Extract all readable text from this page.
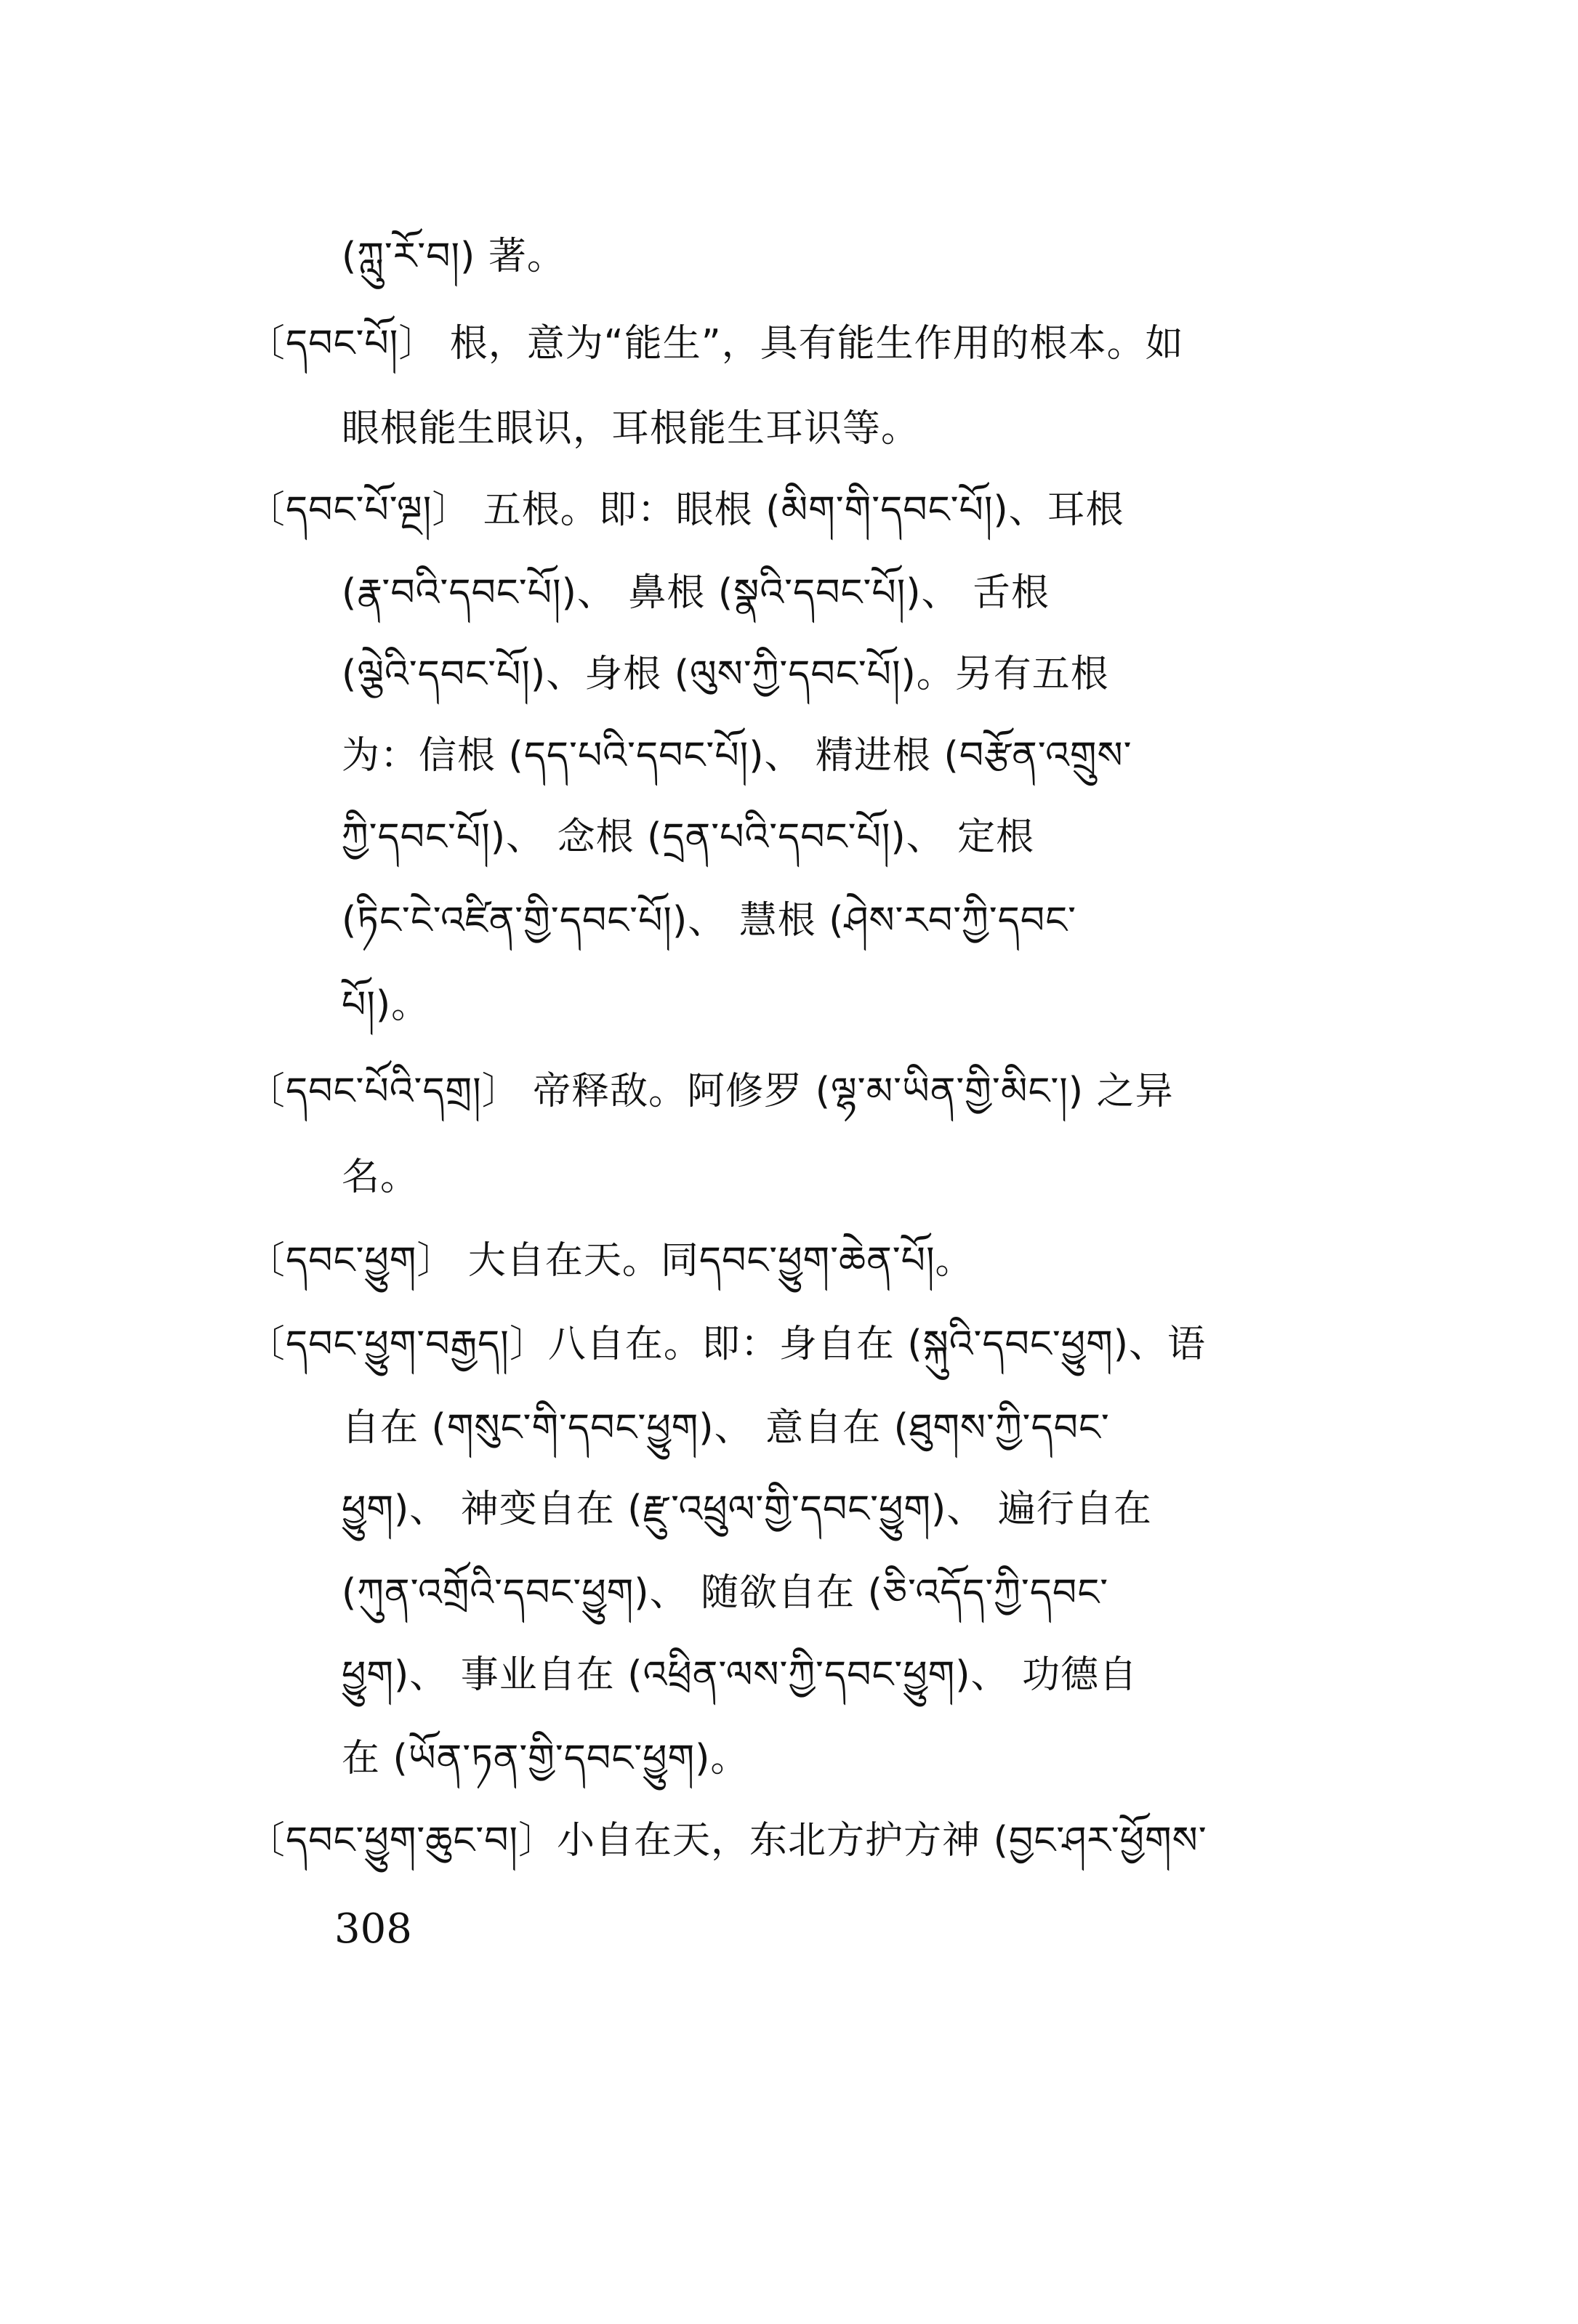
(ཀླུ་རོ་བ།) 著。
〔དབང་པོ།〕 根，意为“能生”，具有能生作用的根本。如
眼根能生眼识，耳根能生耳识等。
〔དབང་པོ་ལྔ།〕 五根。即：眼根 (མིག་གི་དབང་པོ།)、耳根
(རྣ་བའི་དབང་པོ།)、 鼻根 (སྣའི་དབང་པོ།)、 舌根
(ལྕེའི་དབང་པོ།)、身根 (ལུས་ཀྱི་དབང་པོ།)。另有五根
为：信根 (དད་པའི་དབང་པོ།)、 精进根 (བརྩོན་འགྲུས་
ཀྱི་དབང་པོ།)、 念根 (དྲན་པའི་དབང་པོ།)、 定根
(ཏིང་ངེ་འཛིན་གྱི་དབང་པོ།)、 慧根 (ཤེས་རབ་ཀྱི་དབང་
པོ།)。
〔དབང་པོའི་དགྲ།〕 帝释敌。阿修罗 (ལྷ་མ་ཡིན་གྱི་མིང་།) 之异
名。
〔དབང་ཕྱུག〕 大自在天。同དབང་ཕྱུག་ཆེན་པོ།。
〔དབང་ཕྱུག་བརྒྱད།〕八自在。即：身自在 (སྐུའི་དབང་ཕྱུག)、语
自在 (གསུང་གི་དབང་ཕྱུག)、 意自在 (ཐུགས་ཀྱི་དབང་
ཕྱུག)、 神变自在 (རྫུ་འཕྲུལ་གྱི་དབང་ཕྱུག)、 遍行自在
(ཀུན་འགྲོའི་དབང་ཕྱུག)、 随欲自在 (ཅི་འདོད་ཀྱི་དབང་
ཕྱུག)、 事业自在 (འཕྲིན་ལས་ཀྱི་དབང་ཕྱུག)、 功德自
在 (ཡོན་ཏན་གྱི་དབང་ཕྱུག)。
〔དབང་ཕྱུག་ཆུང་བ།〕小自在天，东北方护方神 (བྱང་ཤར་ཕྱོགས་
308
